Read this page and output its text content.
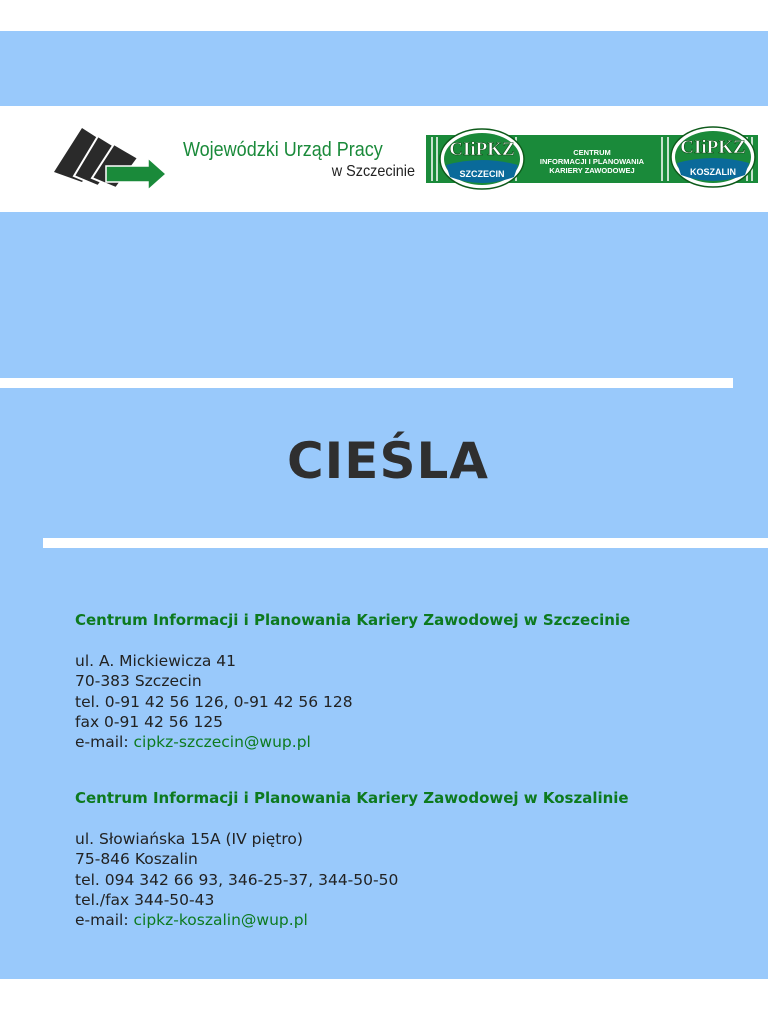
Wojewódzki Urząd Pracy
w Szczecinie
CIiPKZ
SZCZECIN
CENTRUM
INFORMACJI I PLANOWANIA
KARIERY ZAWODOWEJ
CIiPKZ
KOSZALIN
CIEŚLA
Centrum Informacji i Planowania Kariery Zawodowej w Szczecinie
ul. A. Mickiewicza 41
70-383 Szczecin
tel. 0-91 42 56 126, 0-91 42 56 128
fax 0-91 42 56 125
e-mail: cipkz-szczecin@wup.pl
Centrum Informacji i Planowania Kariery Zawodowej w Koszalinie
ul. Słowiańska 15A (IV piętro)
75-846 Koszalin
tel. 094 342 66 93, 346-25-37, 344-50-50
tel./fax 344-50-43
e-mail: cipkz-koszalin@wup.pl
